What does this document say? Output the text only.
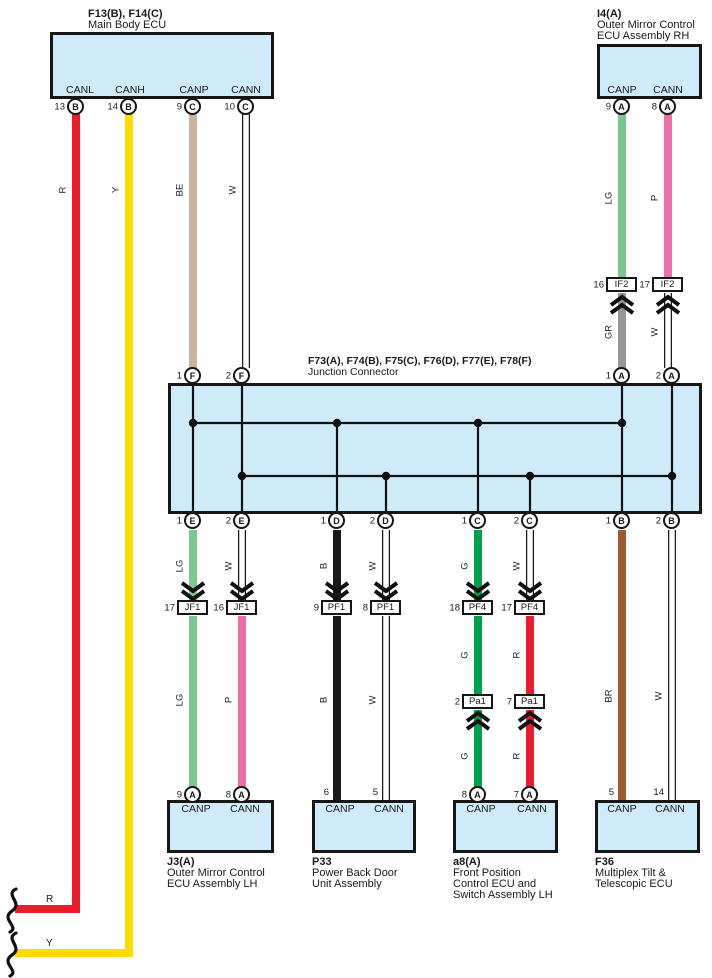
F13(B), F14(C)
Main Body ECU
CANL CANH	CANP CANN
13 B	14 B	9 C	10 C
I4(A)
Outer Mirror Control
ECU Assembly RH
CANP CANN
9 A	8 A
R	Y	BE	W
LG	P
GR	W
LG	W	B	W	G	W
LG	P	B	W
G	R
BR	W
G	R
R
Y
16 IF2 17 IF2
F73(A), F74(B), F75(C), F76(D), F77(E), F78(F)
Junction Connector
1 F	2 F	1 A	2 A
1 E	2 E	1 D	2 D	1 C	2 C	1 B	2 B
17 JF1 16 JF1	9 PF1 8 PF1	18 PF4 17 PF4
2 Pa1 7 Pa1
9 A	8 A	6	5	8 A	7 A	5	14
CANP CANN	CANP CANN	CANP CANN	CANP CANN
J3(A)
Outer Mirror Control
ECU Assembly LH
P33
Power Back Door
Unit Assembly
a8(A)
Front Position
Control ECU and
Switch Assembly LH
F36
Multiplex Tilt &
Telescopic ECU
